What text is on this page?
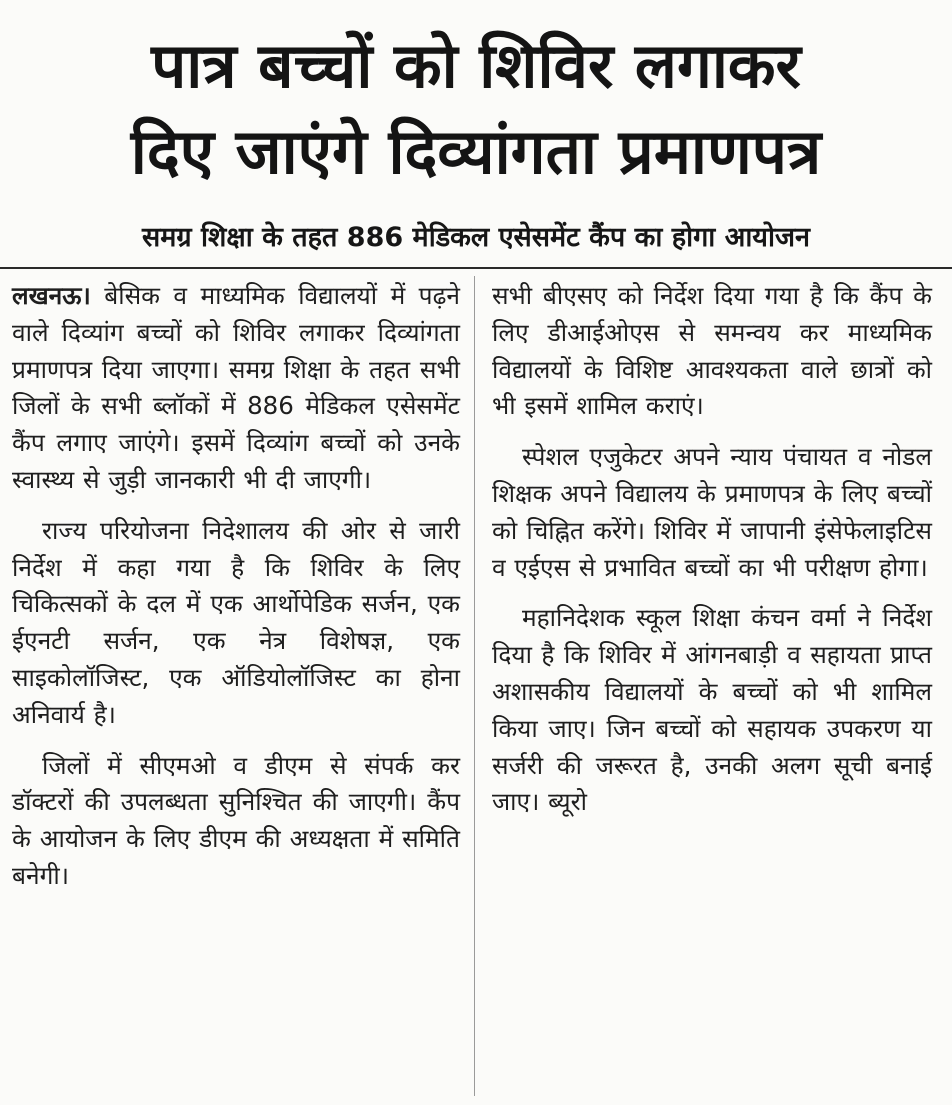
पात्र बच्चों को शिविर लगाकर
दिए जाएंगे दिव्यांगता प्रमाणपत्र
समग्र शिक्षा के तहत 886 मेडिकल एसेसमेंट कैंप का होगा आयोजन

लखनऊ। बेसिक व माध्यमिक विद्यालयों में पढ़ने वाले दिव्यांग बच्चों को शिविर लगाकर दिव्यांगता प्रमाणपत्र दिया जाएगा। समग्र शिक्षा के तहत सभी जिलों के सभी ब्लॉकों में 886 मेडिकल एसेसमेंट कैंप लगाए जाएंगे। इसमें दिव्यांग बच्चों को उनके स्वास्थ्य से जुड़ी जानकारी भी दी जाएगी।

राज्य परियोजना निदेशालय की ओर से जारी निर्देश में कहा गया है कि शिविर के लिए चिकित्सकों के दल में एक आर्थोपेडिक सर्जन, एक ईएनटी सर्जन, एक नेत्र विशेषज्ञ, एक साइकोलॉजिस्ट, एक ऑडियोलॉजिस्ट का होना अनिवार्य है।

जिलों में सीएमओ व डीएम से संपर्क कर डॉक्टरों की उपलब्धता सुनिश्चित की जाएगी। कैंप के आयोजन के लिए डीएम की अध्यक्षता में समिति बनेगी।

सभी बीएसए को निर्देश दिया गया है कि कैंप के लिए डीआईओएस से समन्वय कर माध्यमिक विद्यालयों के विशिष्ट आवश्यकता वाले छात्रों को भी इसमें शामिल कराएं।

स्पेशल एजुकेटर अपने न्याय पंचायत व नोडल शिक्षक अपने विद्यालय के प्रमाणपत्र के लिए बच्चों को चिह्नित करेंगे। शिविर में जापानी इंसेफेलाइटिस व एईएस से प्रभावित बच्चों का भी परीक्षण होगा।

महानिदेशक स्कूल शिक्षा कंचन वर्मा ने निर्देश दिया है कि शिविर में आंगनबाड़ी व सहायता प्राप्त अशासकीय विद्यालयों के बच्चों को भी शामिल किया जाए। जिन बच्चों को सहायक उपकरण या सर्जरी की जरूरत है, उनकी अलग सूची बनाई जाए। ब्यूरो
